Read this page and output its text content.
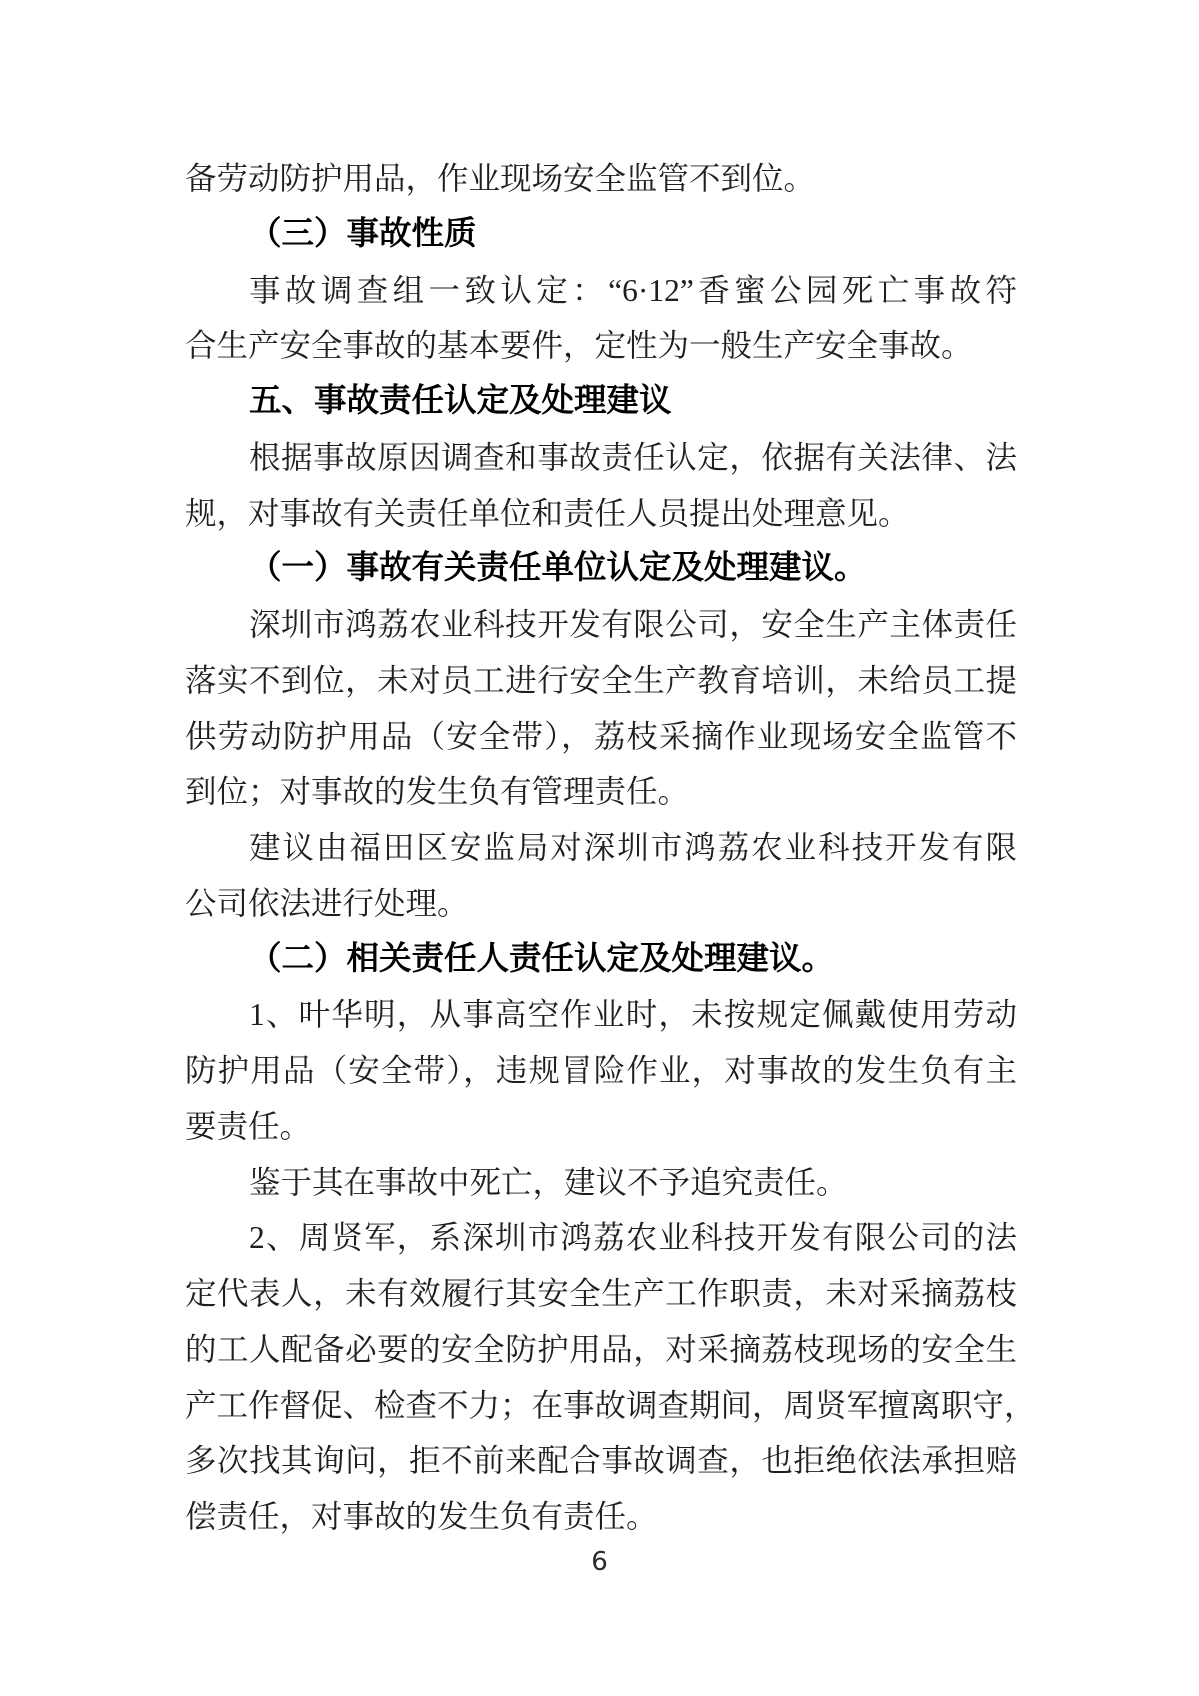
备劳动防护用品，作业现场安全监管不到位。
（三）事故性质
事故调查组一致认定：“6·12”香蜜公园死亡事故符
合生产安全事故的基本要件，定性为一般生产安全事故。
五、事故责任认定及处理建议
根据事故原因调查和事故责任认定，依据有关法律、法
规，对事故有关责任单位和责任人员提出处理意见。
（一）事故有关责任单位认定及处理建议。
深圳市鸿荔农业科技开发有限公司，安全生产主体责任
落实不到位，未对员工进行安全生产教育培训，未给员工提
供劳动防护用品（安全带），荔枝采摘作业现场安全监管不
到位；对事故的发生负有管理责任。
建议由福田区安监局对深圳市鸿荔农业科技开发有限
公司依法进行处理。
（二）相关责任人责任认定及处理建议。
1、叶华明，从事高空作业时，未按规定佩戴使用劳动
防护用品（安全带），违规冒险作业，对事故的发生负有主
要责任。
鉴于其在事故中死亡，建议不予追究责任。
2、周贤军，系深圳市鸿荔农业科技开发有限公司的法
定代表人，未有效履行其安全生产工作职责，未对采摘荔枝
的工人配备必要的安全防护用品，对采摘荔枝现场的安全生
产工作督促、检查不力；在事故调查期间，周贤军擅离职守，
多次找其询问，拒不前来配合事故调查，也拒绝依法承担赔
偿责任，对事故的发生负有责任。
6
